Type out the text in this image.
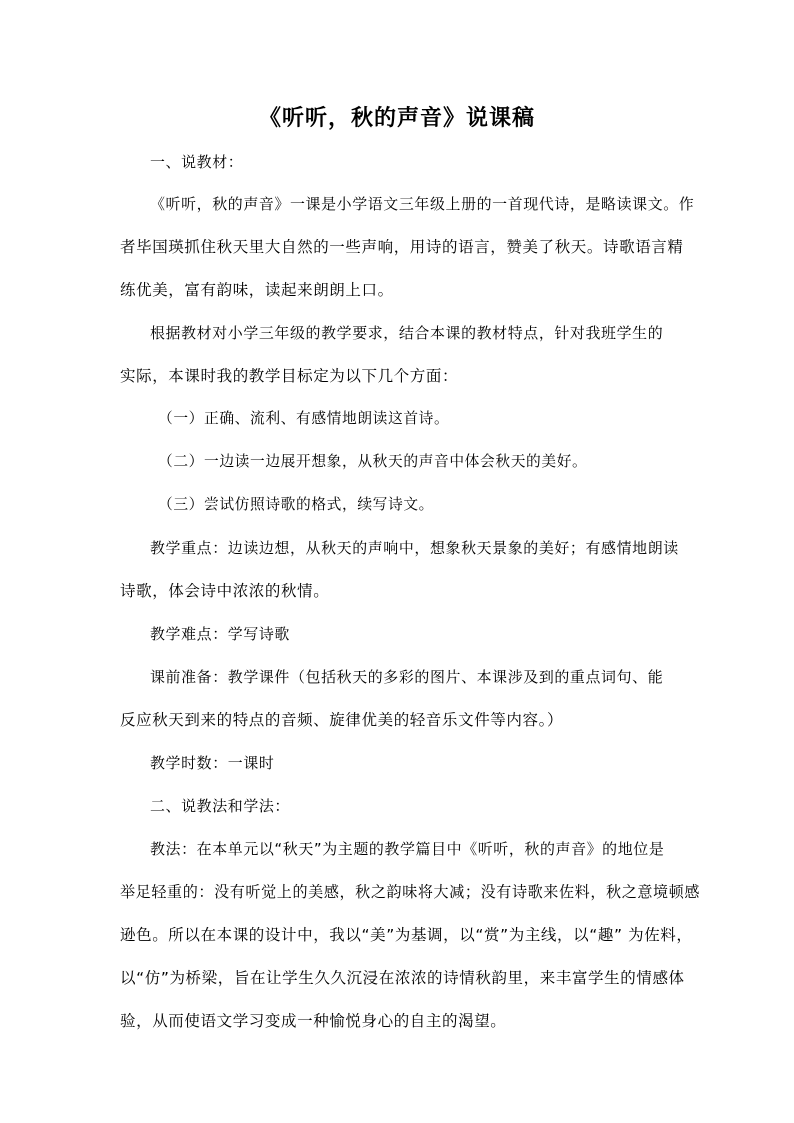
《听听，秋的声音》说课稿
一、说教材：
《听听，秋的声音》一课是小学语文三年级上册的一首现代诗，是略读课文。作
者毕国瑛抓住秋天里大自然的一些声响，用诗的语言，赞美了秋天。诗歌语言精
练优美，富有韵味，读起来朗朗上口。
根据教材对小学三年级的教学要求，结合本课的教材特点，针对我班学生的
实际，本课时我的教学目标定为以下几个方面：
（一）正确、流利、有感情地朗读这首诗。
（二）一边读一边展开想象，从秋天的声音中体会秋天的美好。
（三）尝试仿照诗歌的格式，续写诗文。
教学重点：边读边想，从秋天的声响中，想象秋天景象的美好；有感情地朗读
诗歌，体会诗中浓浓的秋情。
教学难点：学写诗歌
课前准备：教学课件（包括秋天的多彩的图片、本课涉及到的重点词句、能
反应秋天到来的特点的音频、旋律优美的轻音乐文件等内容。）
教学时数：一课时
二、说教法和学法：
教法：在本单元以“秋天”为主题的教学篇目中《听听，秋的声音》的地位是
举足轻重的：没有听觉上的美感，秋之韵味将大减；没有诗歌来佐料，秋之意境顿感
逊色。所以在本课的设计中，我以“美”为基调，以“赏”为主线，以“趣” 为佐料，
以“仿”为桥梁，旨在让学生久久沉浸在浓浓的诗情秋韵里，来丰富学生的情感体
验，从而使语文学习变成一种愉悦身心的自主的渴望。
